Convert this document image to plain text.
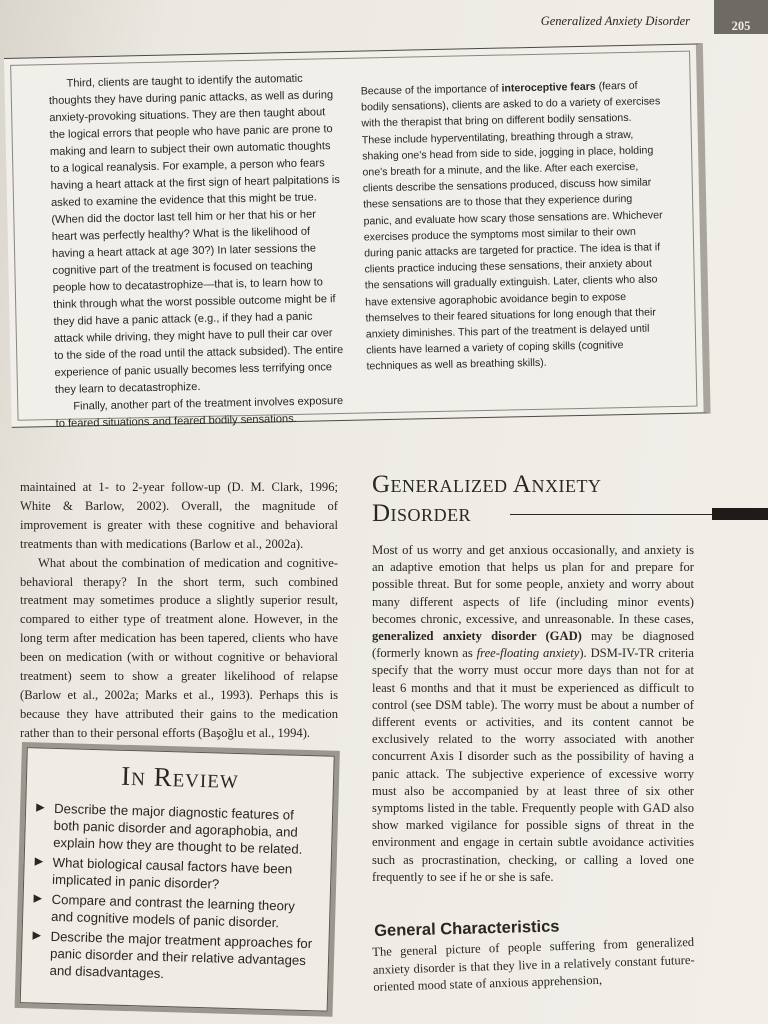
Generalized Anxiety Disorder	205

Third, clients are taught to identify the automatic thoughts they have during panic attacks, as well as during anxiety-provoking situations. They are then taught about the logical errors that people who have panic are prone to making and learn to subject their own automatic thoughts to a logical reanalysis. For example, a person who fears having a heart attack at the first sign of heart palpitations is asked to examine the evidence that this might be true. (When did the doctor last tell him or her that his or her heart was perfectly healthy? What is the likelihood of having a heart attack at age 30?) In later sessions the cognitive part of the treatment is focused on teaching people how to decatastrophize—that is, to learn how to think through what the worst possible outcome might be if they did have a panic attack (e.g., if they had a panic attack while driving, they might have to pull their car over to the side of the road until the attack subsided). The entire experience of panic usually becomes less terrifying once they learn to decatastrophize.

Finally, another part of the treatment involves exposure to feared situations and feared bodily sensations.

Because of the importance of interoceptive fears (fears of bodily sensations), clients are asked to do a variety of exercises with the therapist that bring on different bodily sensations. These include hyperventilating, breathing through a straw, shaking one's head from side to side, jogging in place, holding one's breath for a minute, and the like. After each exercise, clients describe the sensations produced, discuss how similar these sensations are to those that they experience during panic, and evaluate how scary those sensations are. Whichever exercises produce the symptoms most similar to their own during panic attacks are targeted for practice. The idea is that if clients practice inducing these sensations, their anxiety about the sensations will gradually extinguish. Later, clients who also have extensive agoraphobic avoidance begin to expose themselves to their feared situations for long enough that their anxiety diminishes. This part of the treatment is delayed until clients have learned a variety of coping skills (cognitive techniques as well as breathing skills).

maintained at 1- to 2-year follow-up (D. M. Clark, 1996; White & Barlow, 2002). Overall, the magnitude of improvement is greater with these cognitive and behavioral treatments than with medications (Barlow et al., 2002a).

What about the combination of medication and cognitive-behavioral therapy? In the short term, such combined treatment may sometimes produce a slightly superior result, compared to either type of treatment alone. However, in the long term after medication has been tapered, clients who have been on medication (with or without cognitive or behavioral treatment) seem to show a greater likelihood of relapse (Barlow et al., 2002a; Marks et al., 1993). Perhaps this is because they have attributed their gains to the medication rather than to their personal efforts (Başoğlu et al., 1994).

In Review
▶ Describe the major diagnostic features of both panic disorder and agoraphobia, and explain how they are thought to be related.
▶ What biological causal factors have been implicated in panic disorder?
▶ Compare and contrast the learning theory and cognitive models of panic disorder.
▶ Describe the major treatment approaches for panic disorder and their relative advantages and disadvantages.
Generalized Anxiety
Disorder

Most of us worry and get anxious occasionally, and anxiety is an adaptive emotion that helps us plan for and prepare for possible threat. But for some people, anxiety and worry about many different aspects of life (including minor events) becomes chronic, excessive, and unreasonable. In these cases, generalized anxiety disorder (GAD) may be diagnosed (formerly known as free-floating anxiety). DSM-IV-TR criteria specify that the worry must occur more days than not for at least 6 months and that it must be experienced as difficult to control (see DSM table). The worry must be about a number of different events or activities, and its content cannot be exclusively related to the worry associated with another concurrent Axis I disorder such as the possibility of having a panic attack. The subjective experience of excessive worry must also be accompanied by at least three of six other symptoms listed in the table. Frequently people with GAD also show marked vigilance for possible signs of threat in the environment and engage in certain subtle avoidance activities such as procrastination, checking, or calling a loved one frequently to see if he or she is safe.

General Characteristics

The general picture of people suffering from generalized anxiety disorder is that they live in a relatively constant future-oriented mood state of anxious apprehension,
